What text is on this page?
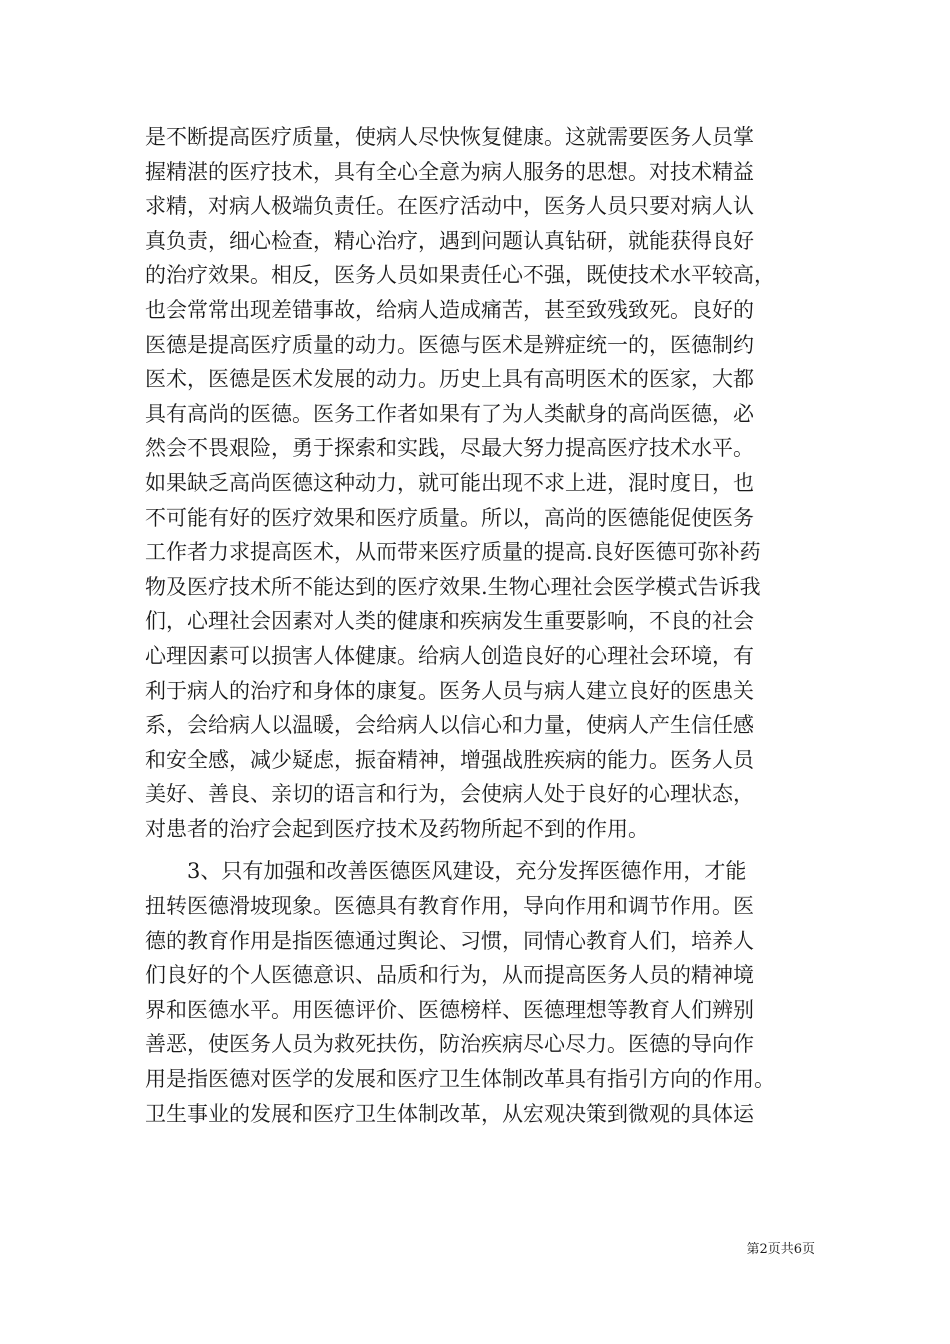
是不断提高医疗质量，使病人尽快恢复健康。这就需要医务人员掌
握精湛的医疗技术，具有全心全意为病人服务的思想。对技术精益
求精，对病人极端负责任。在医疗活动中，医务人员只要对病人认
真负责，细心检查，精心治疗，遇到问题认真钻研，就能获得良好
的治疗效果。相反，医务人员如果责任心不强，既使技术水平较高，
也会常常出现差错事故，给病人造成痛苦，甚至致残致死。良好的
医德是提高医疗质量的动力。医德与医术是辨症统一的，医德制约
医术，医德是医术发展的动力。历史上具有高明医术的医家，大都
具有高尚的医德。医务工作者如果有了为人类献身的高尚医德，必
然会不畏艰险，勇于探索和实践，尽最大努力提高医疗技术水平。
如果缺乏高尚医德这种动力，就可能出现不求上进，混时度日，也
不可能有好的医疗效果和医疗质量。所以，高尚的医德能促使医务
工作者力求提高医术，从而带来医疗质量的提高.良好医德可弥补药
物及医疗技术所不能达到的医疗效果.生物心理社会医学模式告诉我
们，心理社会因素对人类的健康和疾病发生重要影响，不良的社会
心理因素可以损害人体健康。给病人创造良好的心理社会环境，有
利于病人的治疗和身体的康复。医务人员与病人建立良好的医患关
系，会给病人以温暖，会给病人以信心和力量，使病人产生信任感
和安全感，减少疑虑，振奋精神，增强战胜疾病的能力。医务人员
美好、善良、亲切的语言和行为，会使病人处于良好的心理状态，
对患者的治疗会起到医疗技术及药物所起不到的作用。
　　3、只有加强和改善医德医风建设，充分发挥医德作用，才能
扭转医德滑坡现象。医德具有教育作用，导向作用和调节作用。医
德的教育作用是指医德通过舆论、习惯，同情心教育人们，培养人
们良好的个人医德意识、品质和行为，从而提高医务人员的精神境
界和医德水平。用医德评价、医德榜样、医德理想等教育人们辨别
善恶，使医务人员为救死扶伤，防治疾病尽心尽力。医德的导向作
用是指医德对医学的发展和医疗卫生体制改革具有指引方向的作用。
卫生事业的发展和医疗卫生体制改革，从宏观决策到微观的具体运
第2页共6页
